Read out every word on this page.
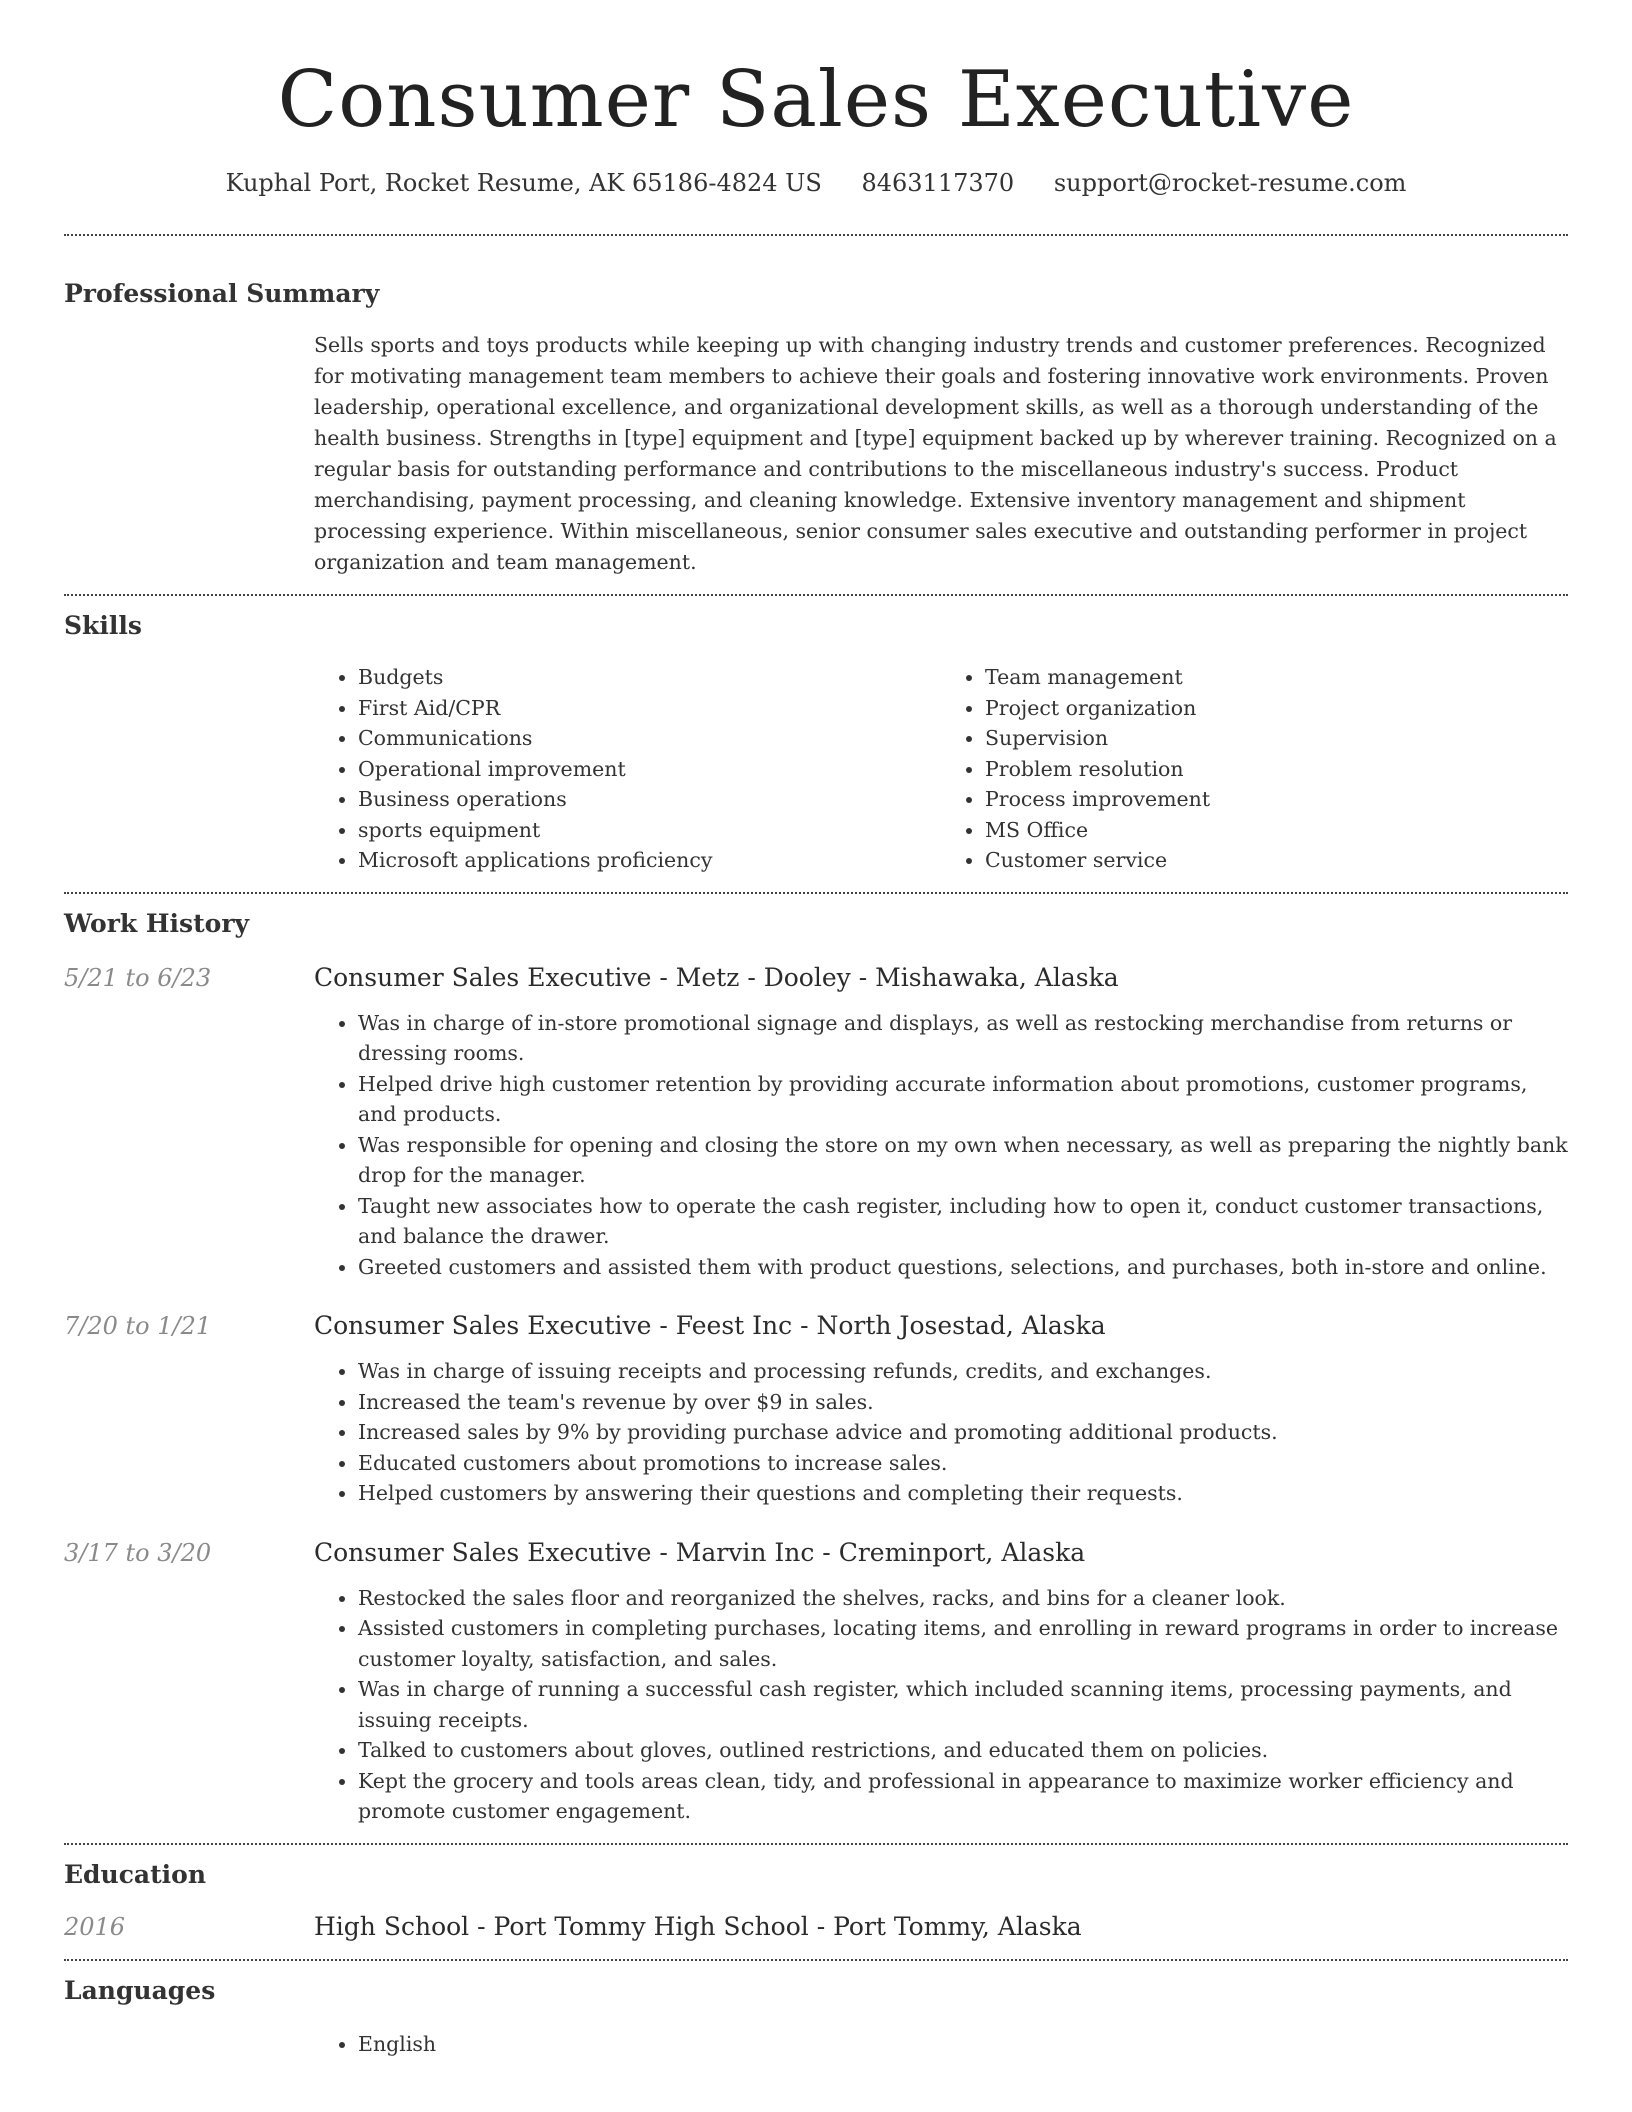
Consumer Sales Executive
Kuphal Port, Rocket Resume, AK 65186-4824 US 8463117370 support@rocket-resume.com
Professional Summary
Sells sports and toys products while keeping up with changing industry trends and customer preferences. Recognized for motivating management team members to achieve their goals and fostering innovative work environments. Proven leadership, operational excellence, and organizational development skills, as well as a thorough understanding of the health business. Strengths in [type] equipment and [type] equipment backed up by wherever training. Recognized on a regular basis for outstanding performance and contributions to the miscellaneous industry's success. Product merchandising, payment processing, and cleaning knowledge. Extensive inventory management and shipment processing experience. Within miscellaneous, senior consumer sales executive and outstanding performer in project organization and team management.
Skills
• Budgets
• First Aid/CPR
• Communications
• Operational improvement
• Business operations
• sports equipment
• Microsoft applications proficiency
• Team management
• Project organization
• Supervision
• Problem resolution
• Process improvement
• MS Office
• Customer service
Work History
5/21 to 6/23	Consumer Sales Executive - Metz - Dooley - Mishawaka, Alaska
• Was in charge of in-store promotional signage and displays, as well as restocking merchandise from returns or dressing rooms.
• Helped drive high customer retention by providing accurate information about promotions, customer programs, and products.
• Was responsible for opening and closing the store on my own when necessary, as well as preparing the nightly bank drop for the manager.
• Taught new associates how to operate the cash register, including how to open it, conduct customer transactions, and balance the drawer.
• Greeted customers and assisted them with product questions, selections, and purchases, both in-store and online.
7/20 to 1/21	Consumer Sales Executive - Feest Inc - North Josestad, Alaska
• Was in charge of issuing receipts and processing refunds, credits, and exchanges.
• Increased the team's revenue by over $9 in sales.
• Increased sales by 9% by providing purchase advice and promoting additional products.
• Educated customers about promotions to increase sales.
• Helped customers by answering their questions and completing their requests.
3/17 to 3/20	Consumer Sales Executive - Marvin Inc - Creminport, Alaska
• Restocked the sales floor and reorganized the shelves, racks, and bins for a cleaner look.
• Assisted customers in completing purchases, locating items, and enrolling in reward programs in order to increase customer loyalty, satisfaction, and sales.
• Was in charge of running a successful cash register, which included scanning items, processing payments, and issuing receipts.
• Talked to customers about gloves, outlined restrictions, and educated them on policies.
• Kept the grocery and tools areas clean, tidy, and professional in appearance to maximize worker efficiency and promote customer engagement.
Education
2016	High School - Port Tommy High School - Port Tommy, Alaska
Languages
• English
